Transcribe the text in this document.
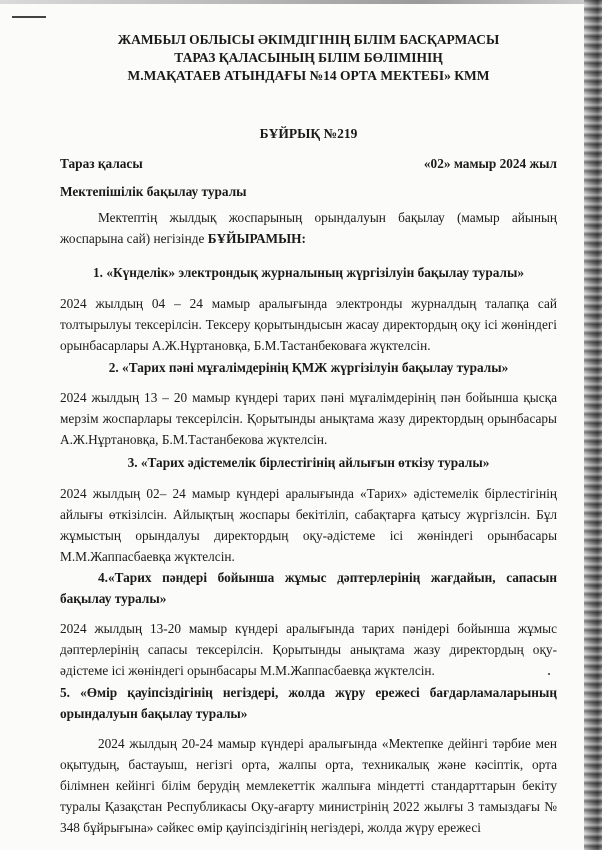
ЖАМБЫЛ ОБЛЫСЫ ӘКІМДІГІНІҢ БІЛІМ БАСҚАРМАСЫ
ТАРАЗ ҚАЛАСЫНЫҢ БІЛІМ БӨЛІМІНІҢ
М.МАҚАТАЕВ АТЫНДАҒЫ №14 ОРТА МЕКТЕБІ» КММ
БҰЙРЫҚ №219
Тараз қаласы	«02» мамыр 2024 жыл
Мектепішілік бақылау туралы
Мектептің жылдық жоспарының орындалуын бақылау (мамыр айының жоспарына сай) негізінде БҰЙЫРАМЫН:
1. «Күнделік» электрондық журналының жүргізілуін бақылау туралы»
2024 жылдың 04 – 24 мамыр аралығында электронды журналдың талапқа сай толтырылуы тексерілсін. Тексеру қорытындысын жасау директордың оқу ісі жөніндегі орынбасарлары А.Ж.Нұртановқа, Б.М.Тастанбековаға жүктелсін.
2. «Тарих пәні мұғалімдерінің ҚМЖ жүргізілуін бақылау туралы»
2024 жылдың 13 – 20 мамыр күндері тарих пәні мұғалімдерінің пән бойынша қысқа мерзім жоспарлары тексерілсін. Қорытынды анықтама жазу директордың орынбасары А.Ж.Нұртановқа, Б.М.Тастанбекова жүктелсін.
3. «Тарих әдістемелік бірлестігінің айлығын өткізу туралы»
2024 жылдың 02– 24 мамыр күндері аралығында «Тарих» әдістемелік бірлестігінің айлығы өткізілсін. Айлықтың жоспары бекітіліп, сабақтарға қатысу жүргізлсін. Бұл жұмыстың орындалуы директордың оқу-әдістеме ісі жөніндегі орынбасары М.М.Жаппасбаевқа жүктелсін.
4.«Тарих пәндері бойынша жұмыс дәптерлерінің жағдайын, сапасын бақылау туралы»
2024 жылдың 13-20 мамыр күндері аралығында тарих пәнідері бойынша жұмыс дәптерлерінің сапасы тексерілсін. Қорытынды анықтама жазу директордың оқу-әдістеме ісі жөніндегі орынбасары М.М.Жаппасбаевқа жүктелсін.
5. «Өмір қауіпсіздігінің негіздері, жолда жүру ережесі бағдарламаларының орындалуын бақылау туралы»
2024 жылдың 20-24 мамыр күндері аралығында «Мектепке дейінгі тәрбие мен оқытудың, бастауыш, негізгі орта, жалпы орта, техникалық және кәсіптік, орта білімнен кейінгі білім берудің мемлекеттік жалпыға міндетті стандарттарын бекіту туралы Қазақстан Республикасы Оқу-ағарту министрінің 2022 жылғы 3 тамыздағы № 348 бұйрығына» сәйкес өмір қауіпсіздігінің негіздері, жолда жүру ережесі
